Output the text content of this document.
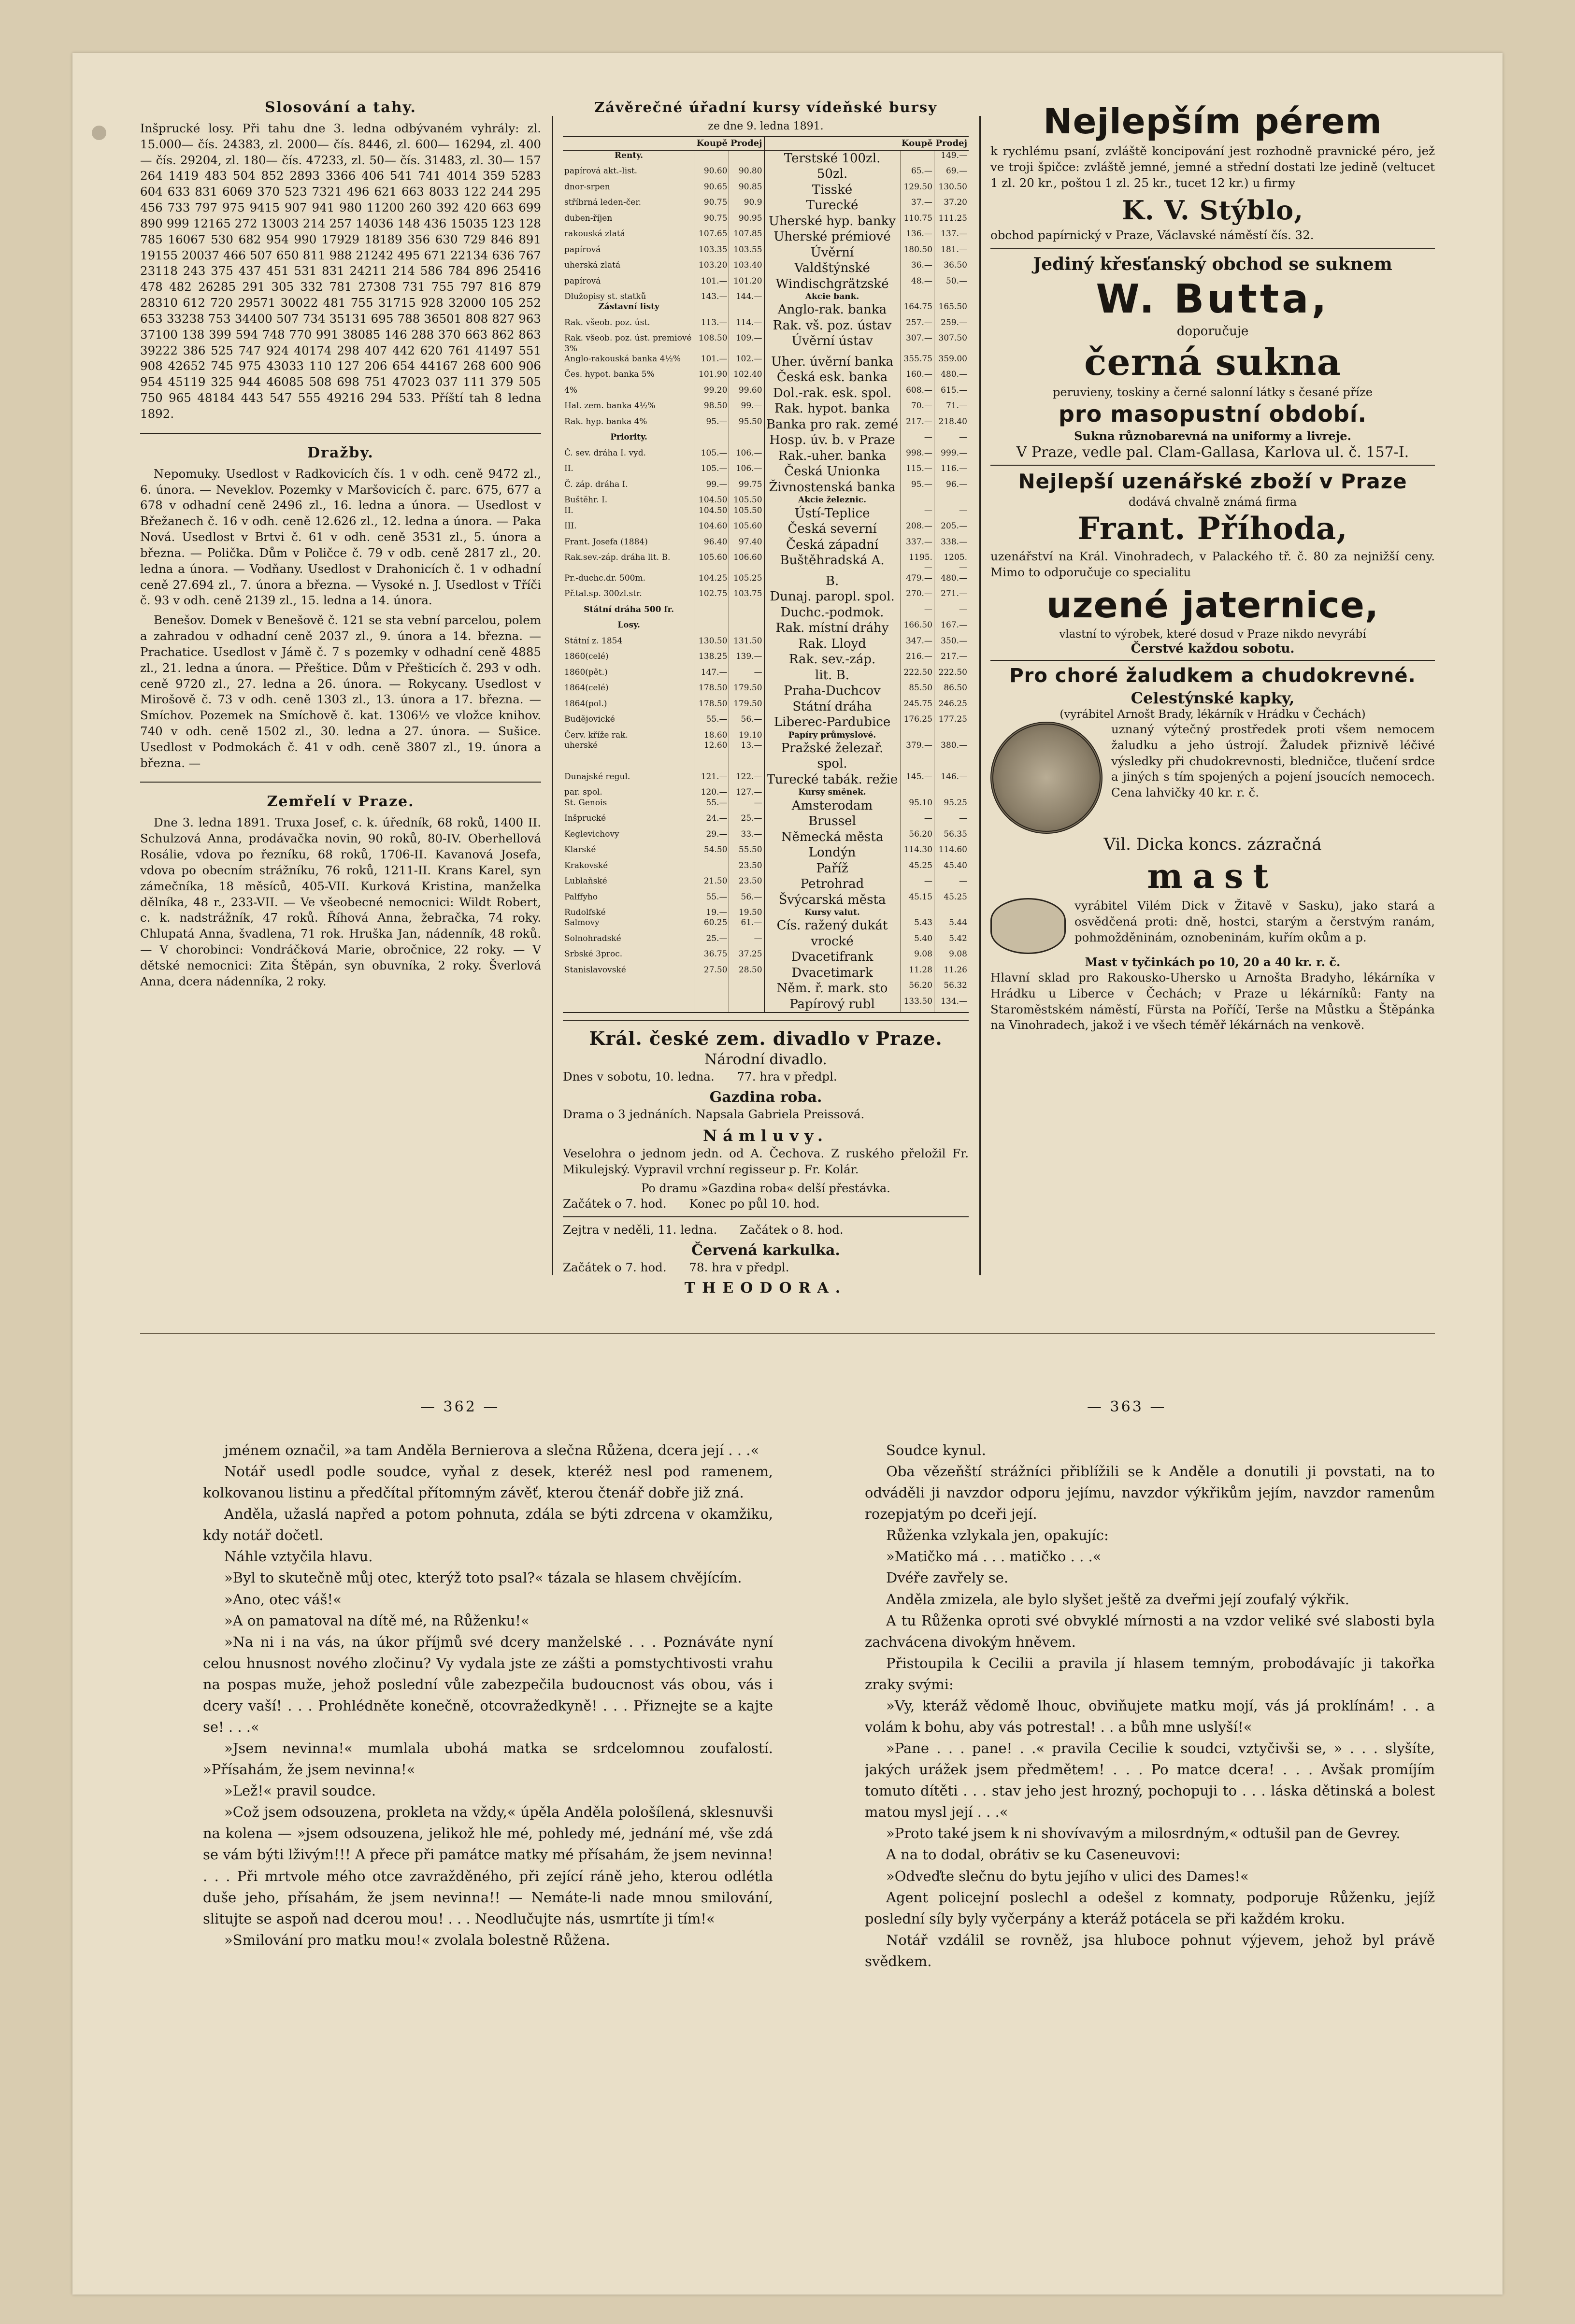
Slosování a tahy.

Inšprucké losy. Při tahu dne 3. ledna odbývaném vyhrály: zl. 15.000— čís. 24383, zl. 2000— čís. 8446, zl. 600— 16294, zl. 400— čís. 29204, zl. 180— čís. 47233, zl. 50— čís. 31483, zl. 30— 157 264 1419 483 504 852 2893 3366 406 541 741 4014 359 5283 604 633 831 6069 370 523 7321 496 621 663 8033 122 244 295 456 733 797 975 9415 907 941 980 11200 260 392 420 663 699 890 999 12165 272 13003 214 257 14036 148 436 15035 123 128 785 16067 530 682 954 990 17929 18189 356 630 729 846 891 19155 20037 466 507 650 811 988 21242 495 671 22134 636 767 23118 243 375 437 451 531 831 24211 214 586 784 896 25416 478 482 26285 291 305 332 781 27308 731 755 797 816 879 28310 612 720 29571 30022 481 755 31715 928 32000 105 252 653 33238 753 34400 507 734 35131 695 788 36501 808 827 963 37100 138 399 594 748 770 991 38085 146 288 370 663 862 863 39222 386 525 747 924 40174 298 407 442 620 761 41497 551 908 42652 745 975 43033 110 127 206 654 44167 268 600 906 954 45119 325 944 46085 508 698 751 47023 037 111 379 505 750 965 48184 443 547 555 49216 294 533. Příští tah 8 ledna 1892.

Dražby.

Nepomuky. Usedlost v Radkovicích čís. 1 v odh. ceně 9472 zl., 6. února. — Neveklov. Pozemky v Maršovicích č. parc. 675, 677 a 678 v odhadní ceně 2496 zl., 16. ledna a února. — Usedlost v Břežanech č. 16 v odh. ceně 12.626 zl., 12. ledna a února. — Paka Nová. Usedlost v Brtvi č. 61 v odh. ceně 3531 zl., 5. února a března. — Polička. Dům v Poličce č. 79 v odb. ceně 2817 zl., 20. ledna a února. — Vodňany. Usedlost v Drahonicích č. 1 v odhadní ceně 27.694 zl., 7. února a března. — Vysoké n. J. Usedlost v Tříči č. 93 v odh. ceně 2139 zl., 15. ledna a 14. února.

Benešov. Domek v Benešově č. 121 se sta vební parcelou, polem a zahradou v odhadní ceně 2037 zl., 9. února a 14. března. — Prachatice. Usedlost v Jámě č. 7 s pozemky v odhadní ceně 4885 zl., 21. ledna a února. — Přeštice. Dům v Přešticích č. 293 v odh. ceně 9720 zl., 27. ledna a 26. února. — Rokycany. Usedlost v Mirošově č. 73 v odh. ceně 1303 zl., 13. února a 17. března. — Smíchov. Pozemek na Smíchově č. kat. 1306½ ve vložce knihov. 740 v odh. ceně 1502 zl., 30. ledna a 27. února. — Sušice. Usedlost v Podmokách č. 41 v odh. ceně 3807 zl., 19. února a března. —

Zemřelí v Praze.

Dne 3. ledna 1891. Truxa Josef, c. k. úředník, 68 roků, 1400 II. Schulzová Anna, prodávačka novin, 90 roků, 80-IV. Oberhellová Rosálie, vdova po řezníku, 68 roků, 1706-II. Kavanová Josefa, vdova po obecním strážníku, 76 roků, 1211-II. Krans Karel, syn zámečníka, 18 měsíců, 405-VII. Kurková Kristina, manželka dělníka, 48 r., 233-VII. — Ve všeobecné nemocnici: Wildt Robert, c. k. nadstrážník, 47 roků. Říhová Anna, žebračka, 74 roky. Chlupatá Anna, švadlena, 71 rok. Hruška Jan, nádenník, 48 roků. — V chorobinci: Vondráčková Marie, obročnice, 22 roky. — V dětské nemocnici: Zita Štěpán, syn obuvníka, 2 roky. Šverlová Anna, dcera nádenníka, 2 roky.

Závěrečné úřadní kursy vídeňské bursy
ze dne 9. ledna 1891.
	Koupě	Prodej		Koupě	Prodej
Renty.			Terstské 100zl.		149.—
papírová akt.-list.	90.60	90.80	50zl.	65.—	69.—
dnor-srpen	90.65	90.85	Tisské	129.50	130.50
stříbrná leden-čer.	90.75	90.9	Turecké	37.—	37.20
duben-říjen	90.75	90.95	Uherské hyp. banky	110.75	111.25
rakouská zlatá	107.65	107.85	Uherské prémiové	136.—	137.—
papírová	103.35	103.55	Úvěrní	180.50	181.—
uherská zlatá	103.20	103.40	Valdštýnské	36.—	36.50
papírová	101.—	101.20	Windischgrätzské	48.—	50.—
Dlužopisy st. statků	143.—	144.—	Akcie bank.		
Zástavní listy			Anglo-rak. banka	164.75	165.50
Rak. všeob. poz. úst.	113.—	114.—	Rak. vš. poz. ústav	257.—	259.—
Rak. všeob. poz. úst. premiové 3%	108.50	109.—	Úvěrní ústav	307.—	307.50
Anglo-rakouská banka 4½%	101.—	102.—	Uher. úvěrní banka	355.75	359.00
Čes. hypot. banka 5%	101.90	102.40	Česká esk. banka	160.—	480.—
4%	99.20	99.60	Dol.-rak. esk. spol.	608.—	615.—
Hal. zem. banka 4½%	98.50	99.—	Rak. hypot. banka	70.—	71.—
Rak. hyp. banka 4%	95.—	95.50	Banka pro rak. zemé	217.—	218.40
Priority.			Hosp. úv. b. v Praze	—	—
Č. sev. dráha I. vyd.	105.—	106.—	Rak.-uher. banka	998.—	999.—
II.	105.—	106.—	Česká Unionka	115.—	116.—
Č. záp. dráha I.	99.—	99.75	Živnostenská banka	95.—	96.—
Buštěhr. I.	104.50	105.50	Akcie železnic.		
II.	104.50	105.50	Ústí-Teplice	—	—
III.	104.60	105.60	Česká severní	208.—	205.—
Frant. Josefa (1884)	96.40	97.40	Česká západní	337.—	338.—
Rak.sev.-záp. dráha lit. B.	105.60	106.60	Buštěhradská A.	1195.—	1205.—
Pr.-duchc.dr. 500m.	104.25	105.25	B.	479.—	480.—
Př.tal.sp. 300zl.str.	102.75	103.75	Dunaj. paropl. spol.	270.—	271.—
Státní dráha 500 fr.			Duchc.-podmok.	—	—
Losy.			Rak. místní dráhy	166.50	167.—
Státní z. 1854	130.50	131.50	Rak. Lloyd	347.—	350.—
1860(celé)	138.25	139.—	Rak. sev.-záp.	216.—	217.—
1860(pět.)	147.—	—	lit. B.	222.50	222.50
1864(celé)	178.50	179.50	Praha-Duchcov	85.50	86.50
1864(pol.)	178.50	179.50	Státní dráha	245.75	246.25
Budějovické	55.—	56.—	Liberec-Pardubice	176.25	177.25
Červ. kříže rak.	18.60	19.10	Papíry průmyslové.		
uherské	12.60	13.—	Pražské železař. spol.	379.—	380.—
Dunajské regul.	121.—	122.—	Turecké tabák. režie	145.—	146.—
par. spol.	120.—	127.—	Kursy směnek.		
St. Genois	55.—	—	Amsterodam	95.10	95.25
Inšprucké	24.—	25.—	Brussel	—	—
Keglevichovy	29.—	33.—	Německá města	56.20	56.35
Klarské	54.50	55.50	Londýn	114.30	114.60
Krakovské		23.50	Paříž	45.25	45.40
Lublaňské	21.50	23.50	Petrohrad	—	—
Palffyho	55.—	56.—	Švýcarská města	45.15	45.25
Rudolfské	19.—	19.50	Kursy valut.		
Salmovy	60.25	61.—	Cís. ražený dukát	5.43	5.44
Solnohradské	25.—	—	vrocké	5.40	5.42
Srbské 3proc.	36.75	37.25	Dvacetifrank	9.08	9.08
Stanislavovské	27.50	28.50	Dvacetimark	11.28	11.26
			Něm. ř. mark. sto	56.20	56.32
			Papírový rubl	133.50	134.—
Král. české zem. divadlo v Praze.
Národní divadlo.

Dnes v sobotu, 10. ledna.      77. hra v předpl.

Gazdina roba.

Drama o 3 jednáních. Napsala Gabriela Preissová.

Námluvy.

Veselohra o jednom jedn. od A. Čechova. Z ruského přeložil Fr. Mikulejský. Vypravil vrchní regisseur p. Fr. Kolár.

Po dramu »Gazdina roba« delší přestávka.

Začátek o 7. hod.      Konec po půl 10. hod.

Zejtra v neděli, 11. ledna.      Začátek o 8. hod.

Červená karkulka.

Začátek o 7. hod.      78. hra v předpl.

THEODORA.
Nejlepším pérem

k rychlému psaní, zvláště koncipování jest rozhodně pravnické péro, jež ve troji špičce: zvláště jemné, jemné a střední dostati lze jedině (veltucet 1 zl. 20 kr., poštou 1 zl. 25 kr., tucet 12 kr.) u firmy

K. V. Stýblo,

obchod papírnický v Praze, Václavské náměstí čís. 32.

Jediný křesťanský obchod se suknem
W. Butta,
doporučuje
černá sukna
peruvieny, toskiny a černé salonní látky s česané příze
pro masopustní období.
Sukna různobarevná na uniformy a livreje.
V Praze, vedle pal. Clam-Gallasa, Karlova ul. č. 157-I.
Nejlepší uzenářské zboží v Praze
dodává chvalně známá firma
Frant. Příhoda,

uzenářství na Král. Vinohradech, v Palackého tř. č. 80 za nejnižší ceny. Mimo to odporučuje co specialitu

uzené jaternice,
vlastní to výrobek, které dosud v Praze nikdo nevyrábí
Čerstvé každou sobotu.
Pro choré žaludkem a chudokrevné.
Celestýnské kapky,
(vyrábitel Arnošt Brady, lékárník v Hrádku v Čechách)

uznaný výtečný prostředek proti všem nemocem žaludku a jeho ústrojí. Žaludek přiznivě léčivé výsledky při chudokrevnosti, bledničce, tlučení srdce a jiných s tím spojených a pojení jsoucích nemocech. Cena lahvičky 40 kr. r. č.

Vil. Dicka koncs. zázračná
mast

vyrábitel Vilém Dick v Žitavě v Sasku), jako stará a osvědčená proti: dně, hostci, starým a čerstvým ranám, pohmožděninám, oznobeninám, kuřím okům a p.

Mast v tyčinkách po 10, 20 a 40 kr. r. č.

Hlavní sklad pro Rakousko-Uhersko u Arnošta Bradyho, lékárníka v Hrádku u Liberce v Čechách; v Praze u lékárníků: Fanty na Staroměstském náměstí, Fürsta na Poříčí, Terše na Můstku a Štěpánka na Vinohradech, jakož i ve všech téměř lékárnách na venkově.

— 362 —	— 363 —

jménem označil, »a tam Anděla Bernierova a slečna Růžena, dcera její . . .«

Notář usedl podle soudce, vyňal z desek, kteréž nesl pod ramenem, kolkovanou listinu a předčítal přítomným závěť, kterou čtenář dobře již zná.

Anděla, užaslá napřed a potom pohnuta, zdála se býti zdrcena v okamžiku, kdy notář dočetl.

Náhle vztyčila hlavu.

»Byl to skutečně můj otec, kterýž toto psal?« tázala se hlasem chvějícím.

»Ano, otec váš!«

»A on pamatoval na dítě mé, na Růženku!«

»Na ni i na vás, na úkor příjmů své dcery manželské . . . Poznáváte nyní celou hnusnost nového zločinu? Vy vydala jste ze zášti a pomstychtivosti vrahu na pospas muže, jehož poslední vůle zabezpečila budoucnost vás obou, vás i dcery vaší! . . . Prohlédněte konečně, otcovražedkyně! . . . Přiznejte se a kajte se! . . .«

»Jsem nevinna!« mumlala ubohá matka se srdcelomnou zoufalostí. »Přísahám, že jsem nevinna!«

»Lež!« pravil soudce.

»Což jsem odsouzena, prokleta na vždy,« úpěla Anděla pološílená, sklesnuvši na kolena — »jsem odsouzena, jelikož hle mé, pohledy mé, jednání mé, vše zdá se vám býti lživým!!! A přece při památce matky mé přísahám, že jsem nevinna! . . . Při mrtvole mého otce zavražděného, při zející ráně jeho, kterou odlétla duše jeho, přísahám, že jsem nevinna!! — Nemáte-li nade mnou smilování, slitujte se aspoň nad dcerou mou! . . . Neodlučujte nás, usmrtíte ji tím!«

»Smilování pro matku mou!« zvolala bolestně Růžena.

Soudce kynul.

Oba vězeňští strážníci přiblížili se k Anděle a donutili ji povstati, na to odváděli ji navzdor odporu jejímu, navzdor výkřikům jejím, navzdor ramenům rozepjatým po dceři její.

Růženka vzlykala jen, opakujíc:

»Matičko má . . . matičko . . .«

Dvéře zavřely se.

Anděla zmizela, ale bylo slyšet ještě za dveřmi její zoufalý výkřik.

A tu Růženka oproti své obvyklé mírnosti a na vzdor veliké své slabosti byla zachvácena divokým hněvem.

Přistoupila k Cecilii a pravila jí hlasem temným, probodávajíc ji takořka zraky svými:

»Vy, kteráž vědomě lhouc, obviňujete matku mojí, vás já proklínám! . . a volám k bohu, aby vás potrestal! . . a bůh mne uslyší!«

»Pane . . . pane! . .« pravila Cecilie k soudci, vztyčivši se, » . . . slyšíte, jakých urážek jsem předmětem! . . . Po matce dcera! . . . Avšak promíjím tomuto dítěti . . . stav jeho jest hrozný, pochopuji to . . . láska dětinská a bolest matou mysl její . . .«

»Proto také jsem k ni shovívavým a milosrdným,« odtušil pan de Gevrey.

A na to dodal, obrátiv se ku Caseneuvovi:

»Odveďte slečnu do bytu jejího v ulici des Dames!«

Agent policejní poslechl a odešel z komnaty, podporuje Růženku, jejíž poslední síly byly vyčerpány a kteráž potácela se při každém kroku.

Notář vzdálil se rovněž, jsa hluboce pohnut výjevem, jehož byl právě svědkem.
